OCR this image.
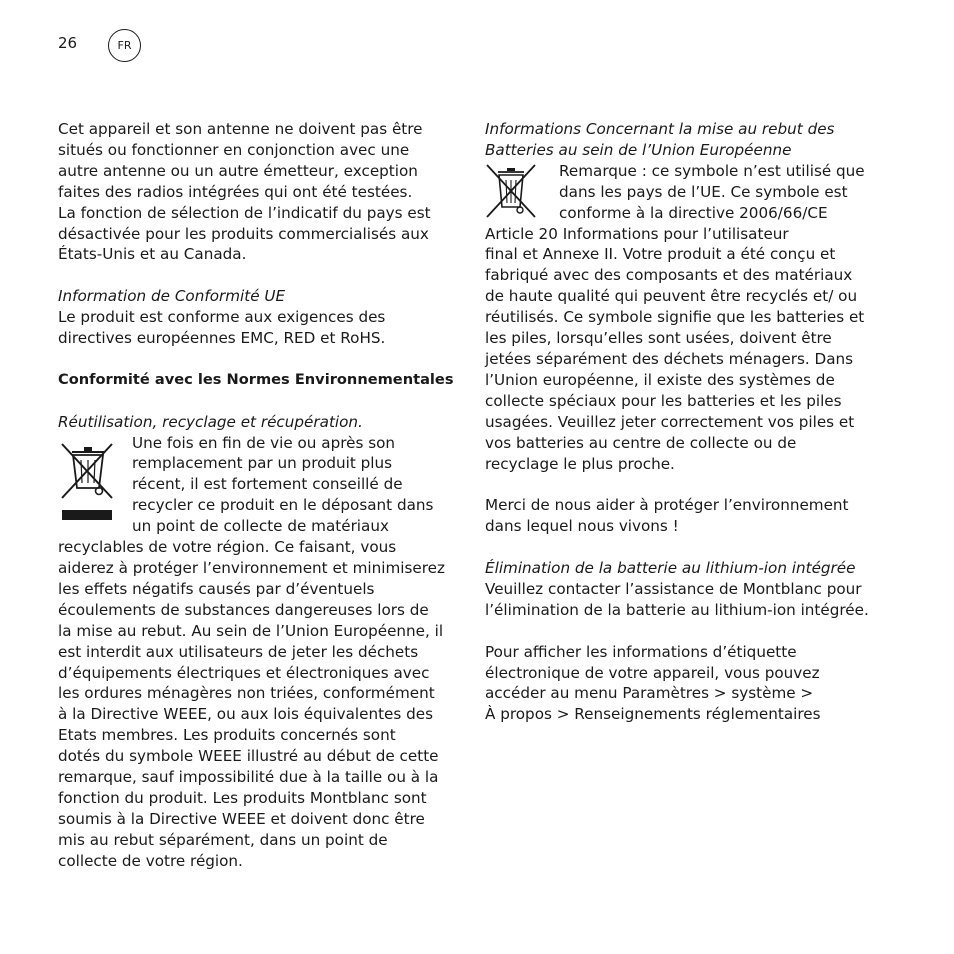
26	FR

Cet appareil et son antenne ne doivent pas être
situés ou fonctionner en conjonction avec une
autre antenne ou un autre émetteur, exception
faites des radios intégrées qui ont été testées.
La fonction de sélection de l’indicatif du pays est
désactivée pour les produits commercialisés aux
États-Unis et au Canada.

Information de Conformité UE

Le produit est conforme aux exigences des
directives européennes EMC, RED et RoHS.

Conformité avec les Normes Environnementales

Réutilisation, recyclage et récupération.

Une fois en fin de vie ou après son
remplacement par un produit plus
récent, il est fortement conseillé de
recycler ce produit en le déposant dans
un point de collecte de matériaux
recyclables de votre région. Ce faisant, vous
aiderez à protéger l’environnement et minimiserez
les effets négatifs causés par d’éventuels
écoulements de substances dangereuses lors de
la mise au rebut. Au sein de l’Union Européenne, il
est interdit aux utilisateurs de jeter les déchets
d’équipements électriques et électroniques avec
les ordures ménagères non triées, conformément
à la Directive WEEE, ou aux lois équivalentes des
Etats membres. Les produits concernés sont
dotés du symbole WEEE illustré au début de cette
remarque, sauf impossibilité due à la taille ou à la
fonction du produit. Les produits Montblanc sont
soumis à la Directive WEEE et doivent donc être
mis au rebut séparément, dans un point de
collecte de votre région.

Informations Concernant la mise au rebut des
Batteries au sein de l’Union Européenne

Remarque : ce symbole n’est utilisé que
dans les pays de l’UE. Ce symbole est
conforme à la directive 2006/66/CE
Article 20 Informations pour l’utilisateur
final et Annexe II. Votre produit a été conçu et
fabriqué avec des composants et des matériaux
de haute qualité qui peuvent être recyclés et/ ou
réutilisés. Ce symbole signifie que les batteries et
les piles, lorsqu’elles sont usées, doivent être
jetées séparément des déchets ménagers. Dans
l’Union européenne, il existe des systèmes de
collecte spéciaux pour les batteries et les piles
usagées. Veuillez jeter correctement vos piles et
vos batteries au centre de collecte ou de
recyclage le plus proche.

Merci de nous aider à protéger l’environnement
dans lequel nous vivons !

Élimination de la batterie au lithium-ion intégrée

Veuillez contacter l’assistance de Montblanc pour
l’élimination de la batterie au lithium-ion intégrée.

Pour afficher les informations d’étiquette
électronique de votre appareil, vous pouvez
accéder au menu Paramètres > système >
À propos > Renseignements réglementaires
